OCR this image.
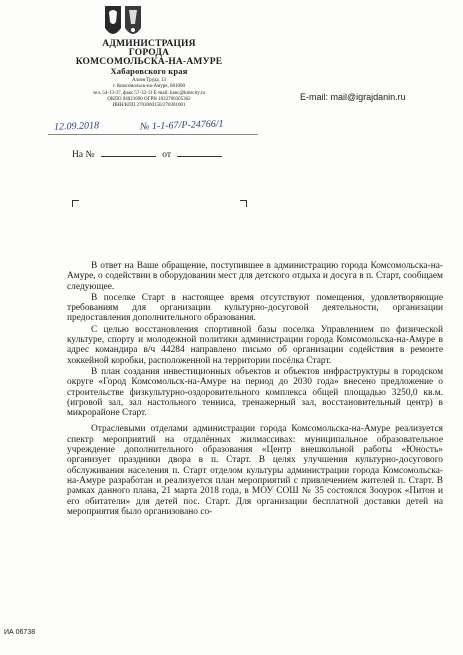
АДМИНИСТРАЦИЯ
ГОРОДА
КОМСОМОЛЬСКА-НА-АМУРЕ
Хабаровского края
Аллея Труда, 13
г. Комсомольск-на-Амуре, 681000
тел. 54-13-37, факс 57-32-11 E-mail: kanc@kmscity.ru
ОКПО 04021690 ОГРН 1032700305362
ИНН/КПП 2703000150/270301001
E-mail: mail@igrajdanin.ru
12.09.2018	№ 1-1-67/Р-24766/1
На №	от

В ответ на Ваше обращение, поступившее в администрацию города Комсомольска-на-Амуре, о содействии в оборудовании мест для детского отдыха и досуга в п. Старт, сообщаем следующее.

В поселке Старт в настоящее время отсутствуют помещения, удовлетворяющие требованиям для организации культурно-досуговой деятельности, организации предоставления дополнительного образования.

С целью восстановления спортивной базы поселка Управлением по физической культуре, спорту и молодежной политики администрации города Комсомольска-на-Амуре в адрес командира в/ч 44284 направлено письмо об организации содействия в ремонте хоккейной коробки, расположенной на территории посёлка Старт.

В план создания инвестиционных объектов и объектов инфраструктуры в городском округе «Город Комсомольск-на-Амуре на период до 2030 года» внесено предложение о строительстве физкультурно-оздоровительного комплекса общей площадью 3250,0 кв.м. (игровой зал, зал настольного тенниса, тренажерный зал, восстановительный центр) в микрорайоне Старт.

Отраслевыми отделами администрации города Комсомольска-на-Амуре реализуется спектр мероприятий на отдалённых жилмассивах: муниципальное образовательное учреждение дополнительного образования «Центр внешкольной работы «Юность» организует праздники двора в п. Старт. В целях улучшения культурно-досугового обслуживания населения п. Старт отделом культуры администрации города Комсомольска-на-Амуре разработан и реализуется план мероприятий с привлечением жителей п. Старт. В рамках данного плана, 21 марта 2018 года, в МОУ СОШ № 35 состоялся Зооурок «Питон и его обитатели» для детей пос. Старт. Для организации бесплатной доставки детей на мероприятия было организовано со-

ИА 06738
